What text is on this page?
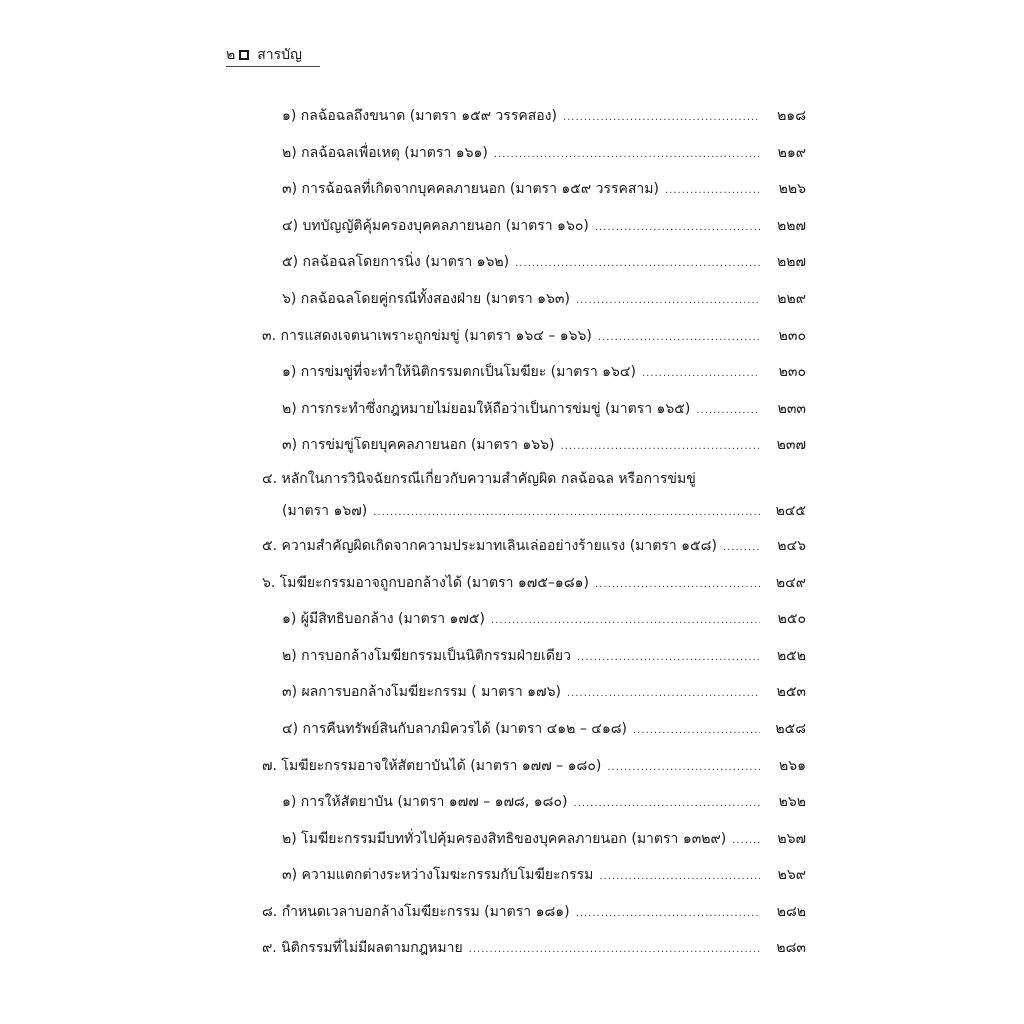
๒ สารบัญ
๑) กลฉ้อฉลถึงขนาด (มาตรา ๑๕๙ วรรคสอง) .....	๒๑๘
๒) กลฉ้อฉลเพื่อเหตุ (มาตรา ๑๖๑) .....	๒๑๙
๓) การฉ้อฉลที่เกิดจากบุคคลภายนอก (มาตรา ๑๕๙ วรรคสาม) .....	๒๒๖
๔) บทบัญญัติคุ้มครองบุคคลภายนอก (มาตรา ๑๖๐) .....	๒๒๗
๕) กลฉ้อฉลโดยการนิ่ง (มาตรา ๑๖๒) .....	๒๒๗
๖) กลฉ้อฉลโดยคู่กรณีทั้งสองฝ่าย (มาตรา ๑๖๓) .....	๒๒๙
๓. การแสดงเจตนาเพราะถูกข่มขู่ (มาตรา ๑๖๔ – ๑๖๖) .....	๒๓๐
๑) การข่มขู่ที่จะทำให้นิติกรรมตกเป็นโมฆียะ (มาตรา ๑๖๔) .....	๒๓๐
๒) การกระทำซึ่งกฎหมายไม่ยอมให้ถือว่าเป็นการข่มขู่ (มาตรา ๑๖๕) .....	๒๓๓
๓) การข่มขู่โดยบุคคลภายนอก (มาตรา ๑๖๖) .....	๒๓๗
๔. หลักในการวินิจฉัยกรณีเกี่ยวกับความสำคัญผิด กลฉ้อฉล หรือการข่มขู่
(มาตรา ๑๖๗) .....	๒๔๕
๕. ความสำคัญผิดเกิดจากความประมาทเลินเล่ออย่างร้ายแรง (มาตรา ๑๕๘) .....	๒๔๖
๖. โมฆียะกรรมอาจถูกบอกล้างได้ (มาตรา ๑๗๕–๑๘๑) .....	๒๔๙
๑) ผู้มีสิทธิบอกล้าง (มาตรา ๑๗๕) .....	๒๕๐
๒) การบอกล้างโมฆียกรรมเป็นนิติกรรมฝ่ายเดียว .....	๒๕๒
๓) ผลการบอกล้างโมฆียะกรรม ( มาตรา ๑๗๖) .....	๒๕๓
๔) การคืนทรัพย์สินกับลาภมิควรได้ (มาตรา ๔๑๒ – ๔๑๘) .....	๒๕๘
๗. โมฆียะกรรมอาจให้สัตยาบันได้ (มาตรา ๑๗๗ – ๑๘๐) .....	๒๖๑
๑) การให้สัตยาบัน (มาตรา ๑๗๗ – ๑๗๘, ๑๘๐) .....	๒๖๒
๒) โมฆียะกรรมมีบททั่วไปคุ้มครองสิทธิของบุคคลภายนอก (มาตรา ๑๓๒๙) .....	๒๖๗
๓) ความแตกต่างระหว่างโมฆะกรรมกับโมฆียะกรรม .....	๒๖๙
๘. กำหนดเวลาบอกล้างโมฆียะกรรม (มาตรา ๑๘๑) .....	๒๘๒
๙. นิติกรรมที่ไม่มีผลตามกฎหมาย .....	๒๘๓
